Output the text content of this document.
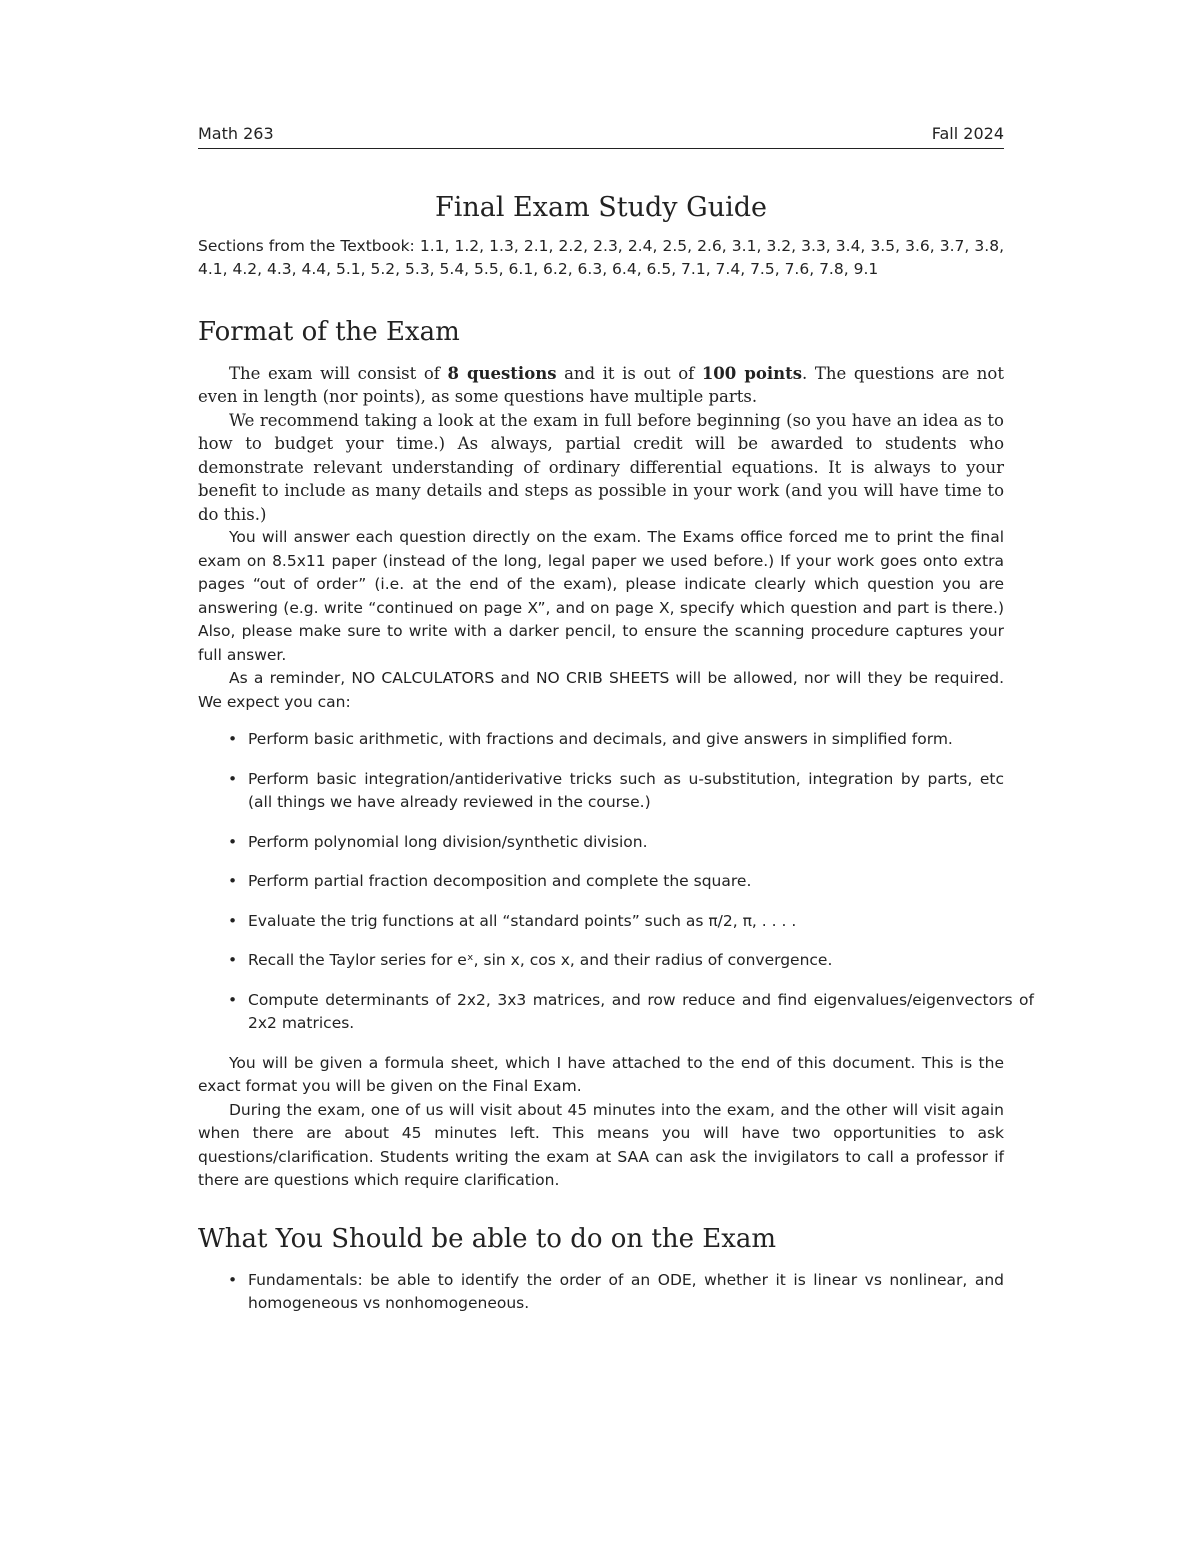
Math 263	Fall 2024
Final Exam Study Guide

Sections from the Textbook: 1.1, 1.2, 1.3, 2.1, 2.2, 2.3, 2.4, 2.5, 2.6, 3.1, 3.2, 3.3, 3.4, 3.5, 3.6, 3.7, 3.8, 4.1, 4.2, 4.3, 4.4, 5.1, 5.2, 5.3, 5.4, 5.5, 6.1, 6.2, 6.3, 6.4, 6.5, 7.1, 7.4, 7.5, 7.6, 7.8, 9.1

Format of the Exam

The exam will consist of 8 questions and it is out of 100 points. The questions are not even in length (nor points), as some questions have multiple parts.

We recommend taking a look at the exam in full before beginning (so you have an idea as to how to budget your time.) As always, partial credit will be awarded to students who demonstrate relevant understanding of ordinary differential equations. It is always to your benefit to include as many details and steps as possible in your work (and you will have time to do this.)

You will answer each question directly on the exam. The Exams office forced me to print the final exam on 8.5x11 paper (instead of the long, legal paper we used before.) If your work goes onto extra pages “out of order” (i.e. at the end of the exam), please indicate clearly which question you are answering (e.g. write “continued on page X”, and on page X, specify which question and part is there.) Also, please make sure to write with a darker pencil, to ensure the scanning procedure captures your full answer.

As a reminder, NO CALCULATORS and NO CRIB SHEETS will be allowed, nor will they be required. We expect you can:

• Perform basic arithmetic, with fractions and decimals, and give answers in simplified form.
• Perform basic integration/antiderivative tricks such as u-substitution, integration by parts, etc (all things we have already reviewed in the course.)
• Perform polynomial long division/synthetic division.
• Perform partial fraction decomposition and complete the square.
• Evaluate the trig functions at all “standard points” such as π/2, π, . . . .
• Recall the Taylor series for eˣ, sin x, cos x, and their radius of convergence.
• Compute determinants of 2x2, 3x3 matrices, and row reduce and find eigenvalues/eigenvectors of 2x2 matrices.

You will be given a formula sheet, which I have attached to the end of this document. This is the exact format you will be given on the Final Exam.

During the exam, one of us will visit about 45 minutes into the exam, and the other will visit again when there are about 45 minutes left. This means you will have two opportunities to ask questions/clarification. Students writing the exam at SAA can ask the invigilators to call a professor if there are questions which require clarification.

What You Should be able to do on the Exam
• Fundamentals: be able to identify the order of an ODE, whether it is linear vs nonlinear, and homogeneous vs nonhomogeneous.
